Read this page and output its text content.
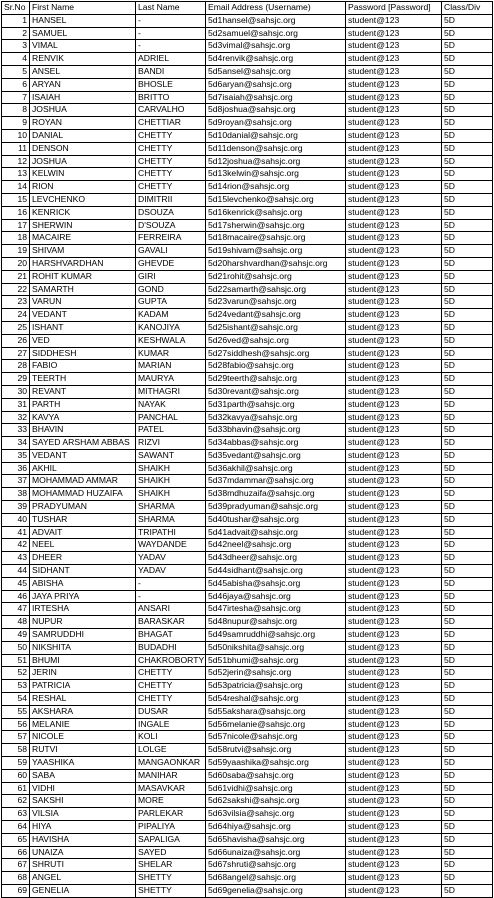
Sr.No	First Name	Last Name	Email Address (Username)	Password [Password]	Class/Div
1	HANSEL	-	5d1hansel@sahsjc.org	student@123	5D
2	SAMUEL	-	5d2samuel@sahsjc.org	student@123	5D
3	VIMAL	-	5d3vimal@sahsjc.org	student@123	5D
4	RENVIK	ADRIEL	5d4renvik@sahsjc.org	student@123	5D
5	ANSEL	BANDI	5d5ansel@sahsjc.org	student@123	5D
6	ARYAN	BHOSLE	5d6aryan@sahsjc.org	student@123	5D
7	ISAIAH	BRITTO	5d7isaiah@sahsjc.org	student@123	5D
8	JOSHUA	CARVALHO	5d8joshua@sahsjc.org	student@123	5D
9	ROYAN	CHETTIAR	5d9royan@sahsjc.org	student@123	5D
10	DANIAL	CHETTY	5d10danial@sahsjc.org	student@123	5D
11	DENSON	CHETTY	5d11denson@sahsjc.org	student@123	5D
12	JOSHUA	CHETTY	5d12joshua@sahsjc.org	student@123	5D
13	KELWIN	CHETTY	5d13kelwin@sahsjc.org	student@123	5D
14	RION	CHETTY	5d14rion@sahsjc.org	student@123	5D
15	LEVCHENKO	DIMITRII	5d15levchenko@sahsjc.org	student@123	5D
16	KENRICK	DSOUZA	5d16kenrick@sahsjc.org	student@123	5D
17	SHERWIN	D'SOUZA	5d17sherwin@sahsjc.org	student@123	5D
18	MACAIRE	FERREIRA	5d18macaire@sahsjc.org	student@123	5D
19	SHIVAM	GAVALI	5d19shivam@sahsjc.org	student@123	5D
20	HARSHVARDHAN	GHEVDE	5d20harshvardhan@sahsjc.org	student@123	5D
21	ROHIT KUMAR	GIRI	5d21rohit@sahsjc.org	student@123	5D
22	SAMARTH	GOND	5d22samarth@sahsjc.org	student@123	5D
23	VARUN	GUPTA	5d23varun@sahsjc.org	student@123	5D
24	VEDANT	KADAM	5d24vedant@sahsjc.org	student@123	5D
25	ISHANT	KANOJIYA	5d25ishant@sahsjc.org	student@123	5D
26	VED	KESHWALA	5d26ved@sahsjc.org	student@123	5D
27	SIDDHESH	KUMAR	5d27siddhesh@sahsjc.org	student@123	5D
28	FABIO	MARIAN	5d28fabio@sahsjc.org	student@123	5D
29	TEERTH	MAURYA	5d29teerth@sahsjc.org	student@123	5D
30	REVANT	MITHAGRI	5d30revant@sahsjc.org	student@123	5D
31	PARTH	NAYAK	5d31parth@sahsjc.org	student@123	5D
32	KAVYA	PANCHAL	5d32kavya@sahsjc.org	student@123	5D
33	BHAVIN	PATEL	5d33bhavin@sahsjc.org	student@123	5D
34	SAYED ARSHAM ABBAS	RIZVI	5d34abbas@sahsjc.org	student@123	5D
35	VEDANT	SAWANT	5d35vedant@sahsjc.org	student@123	5D
36	AKHIL	SHAIKH	5d36akhil@sahsjc.org	student@123	5D
37	MOHAMMAD AMMAR	SHAIKH	5d37mdammar@sahsjc.org	student@123	5D
38	MOHAMMAD HUZAIFA	SHAIKH	5d38mdhuzaifa@sahsjc.org	student@123	5D
39	PRADYUMAN	SHARMA	5d39pradyuman@sahsjc.org	student@123	5D
40	TUSHAR	SHARMA	5d40tushar@sahsjc.org	student@123	5D
41	ADVAIT	TRIPATHI	5d41advait@sahsjc.org	student@123	5D
42	NEEL	WAYDANDE	5d42neel@sahsjc.org	student@123	5D
43	DHEER	YADAV	5d43dheer@sahsjc.org	student@123	5D
44	SIDHANT	YADAV	5d44sidhant@sahsjc.org	student@123	5D
45	ABISHA	-	5d45abisha@sahsjc.org	student@123	5D
46	JAYA PRIYA	-	5d46jaya@sahsjc.org	student@123	5D
47	IRTESHA	ANSARI	5d47irtesha@sahsjc.org	student@123	5D
48	NUPUR	BARASKAR	5d48nupur@sahsjc.org	student@123	5D
49	SAMRUDDHI	BHAGAT	5d49samruddhi@sahsjc.org	student@123	5D
50	NIKSHITA	BUDADHI	5d50nikshita@sahsjc.org	student@123	5D
51	BHUMI	CHAKROBORTY	5d51bhumi@sahsjc.org	student@123	5D
52	JERIN	CHETTY	5d52jerin@sahsjc.org	student@123	5D
53	PATRICIA	CHETTY	5d53patricia@sahsjc.org	student@123	5D
54	RESHAL	CHETTY	5d54reshal@sahsjc.org	student@123	5D
55	AKSHARA	DUSAR	5d55akshara@sahsjc.org	student@123	5D
56	MELANIE	INGALE	5d56melanie@sahsjc.org	student@123	5D
57	NICOLE	KOLI	5d57nicole@sahsjc.org	student@123	5D
58	RUTVI	LOLGE	5d58rutvi@sahsjc.org	student@123	5D
59	YAASHIKA	MANGAONKAR	5d59yaashika@sahsjc.org	student@123	5D
60	SABA	MANIHAR	5d60saba@sahsjc.org	student@123	5D
61	VIDHI	MASAVKAR	5d61vidhi@sahsjc.org	student@123	5D
62	SAKSHI	MORE	5d62sakshi@sahsjc.org	student@123	5D
63	VILSIA	PARLEKAR	5d63vilsia@sahsjc.org	student@123	5D
64	HIYA	PIPALIYA	5d64hiya@sahsjc.org	student@123	5D
65	HAVISHA	SAPALIGA	5d65havisha@sahsjc.org	student@123	5D
66	UNAIZA	SAYED	5d66unaiza@sahsjc.org	student@123	5D
67	SHRUTI	SHELAR	5d67shruti@sahsjc.org	student@123	5D
68	ANGEL	SHETTY	5d68angel@sahsjc.org	student@123	5D
69	GENELIA	SHETTY	5d69genelia@sahsjc.org	student@123	5D
